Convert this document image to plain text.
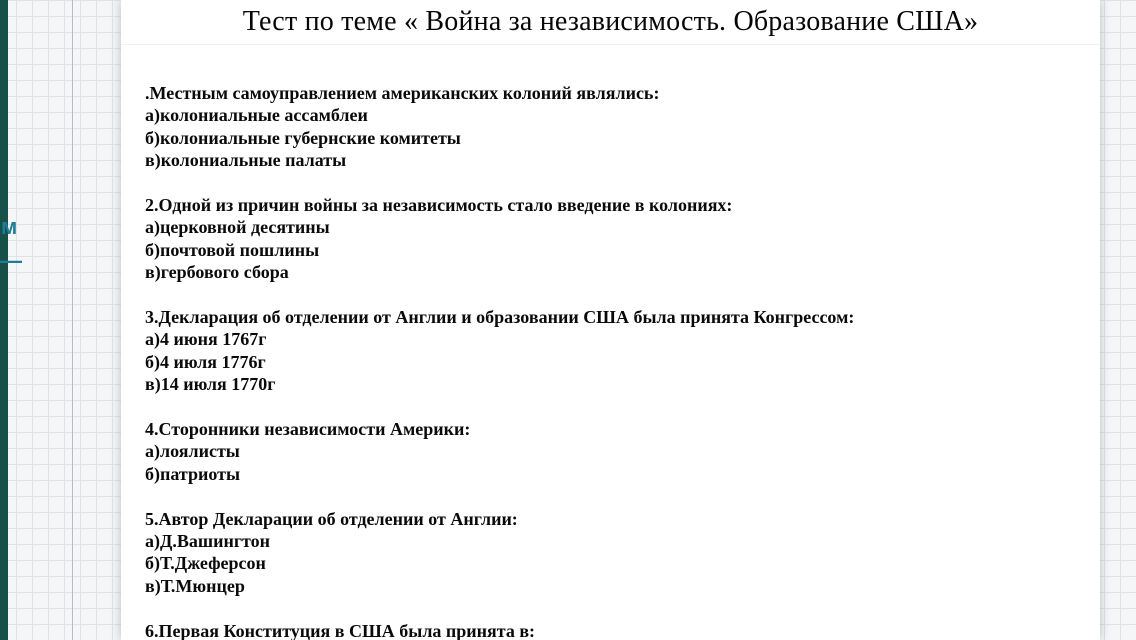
м
—
Тест по теме « Война за независимость. Образование США»
.Местным самоуправлением американских колоний являлись:
а)колониальные ассамблеи
б)колониальные губернские комитеты
в)колониальные палаты
2.Одной из причин войны за независимость стало введение в колониях:
а)церковной десятины
б)почтовой пошлины
в)гербового сбора
3.Декларация об отделении от Англии и образовании США была принята Конгрессом:
а)4 июня 1767г
б)4 июля 1776г
в)14 июля 1770г
4.Сторонники независимости Америки:
а)лоялисты
б)патриоты
5.Автор Декларации об отделении от Англии:
а)Д.Вашингтон
б)Т.Джеферсон
в)Т.Мюнцер
6.Первая Конституция в США была принята в:
